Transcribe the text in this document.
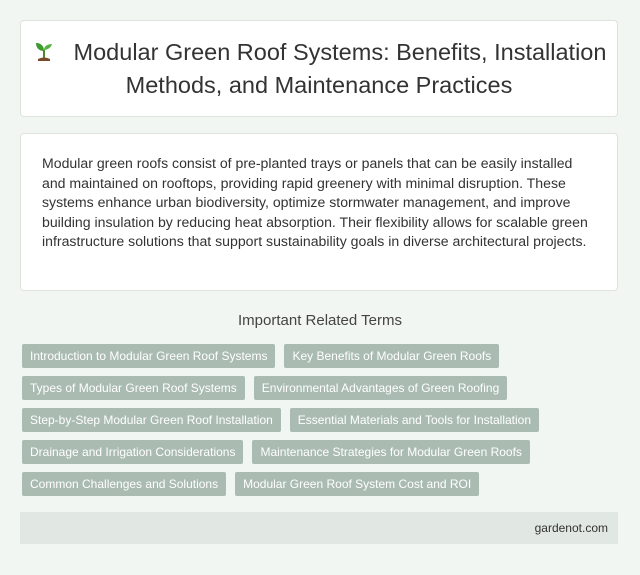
Modular Green Roof Systems: Benefits, Installation Methods, and Maintenance Practices

Modular green roofs consist of pre-planted trays or panels that can be easily installed and maintained on rooftops, providing rapid greenery with minimal disruption. These systems enhance urban biodiversity, optimize stormwater management, and improve building insulation by reducing heat absorption. Their flexibility allows for scalable green infrastructure solutions that support sustainability goals in diverse architectural projects.

Important Related Terms
Introduction to Modular Green Roof Systems	Key Benefits of Modular Green Roofs
Types of Modular Green Roof Systems	Environmental Advantages of Green Roofing
Step-by-Step Modular Green Roof Installation	Essential Materials and Tools for Installation
Drainage and Irrigation Considerations	Maintenance Strategies for Modular Green Roofs
Common Challenges and Solutions	Modular Green Roof System Cost and ROI
gardenot.com
